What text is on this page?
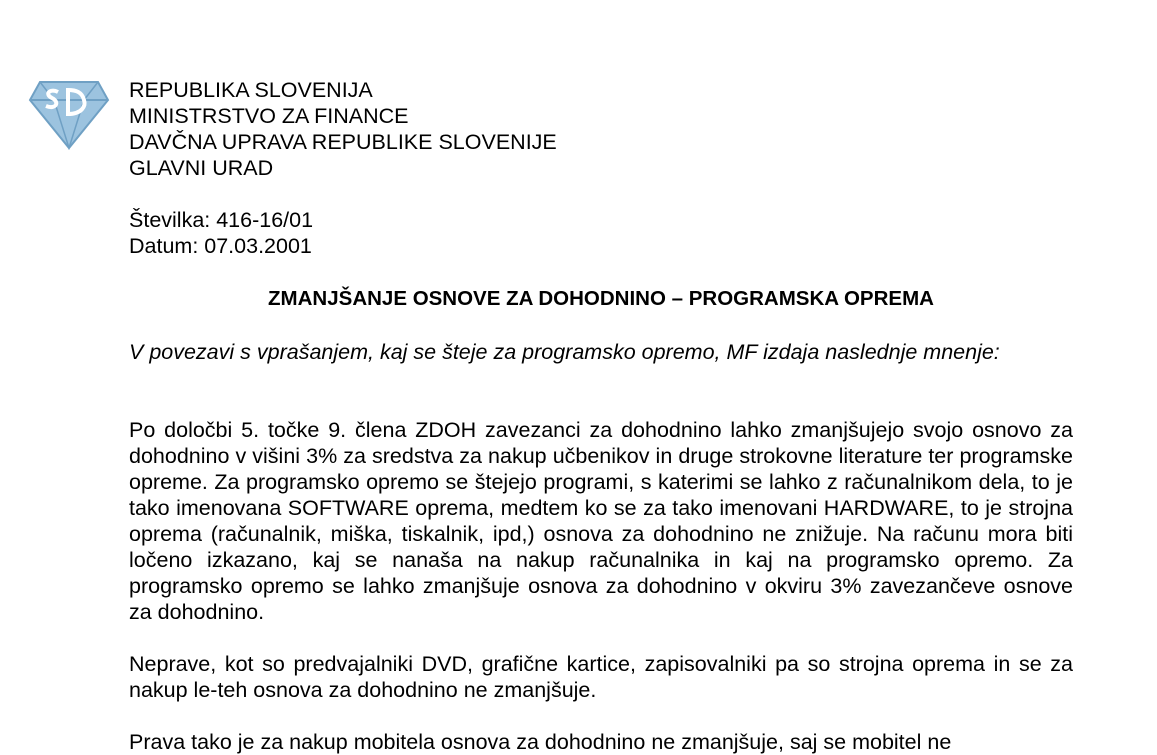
REPUBLIKA SLOVENIJA
MINISTRSTVO ZA FINANCE
DAVČNA UPRAVA REPUBLIKE SLOVENIJE
GLAVNI URAD
Številka: 416-16/01
Datum: 07.03.2001
ZMANJŠANJE OSNOVE ZA DOHODNINO – PROGRAMSKA OPREMA

V povezavi s vprašanjem, kaj se šteje za programsko opremo, MF izdaja naslednje mnenje:

Po določbi 5. točke 9. člena ZDOH zavezanci za dohodnino lahko zmanjšujejo svojo osnovo za dohodnino v višini 3% za sredstva za nakup učbenikov in druge strokovne literature ter programske opreme. Za programsko opremo se štejejo programi, s katerimi se lahko z računalnikom dela, to je tako imenovana SOFTWARE oprema, medtem ko se za tako imenovani HARDWARE, to je strojna oprema (računalnik, miška, tiskalnik, ipd,) osnova za dohodnino ne znižuje. Na računu mora biti ločeno izkazano, kaj se nanaša na nakup računalnika in kaj na programsko opremo. Za programsko opremo se lahko zmanjšuje osnova za dohodnino v okviru 3% zavezančeve osnove za dohodnino.

Neprave, kot so predvajalniki DVD, grafične kartice, zapisovalniki pa so strojna oprema in se za nakup le-teh osnova za dohodnino ne zmanjšuje.

Prava tako je za nakup mobitela osnova za dohodnino ne zmanjšuje, saj se mobitel ne
